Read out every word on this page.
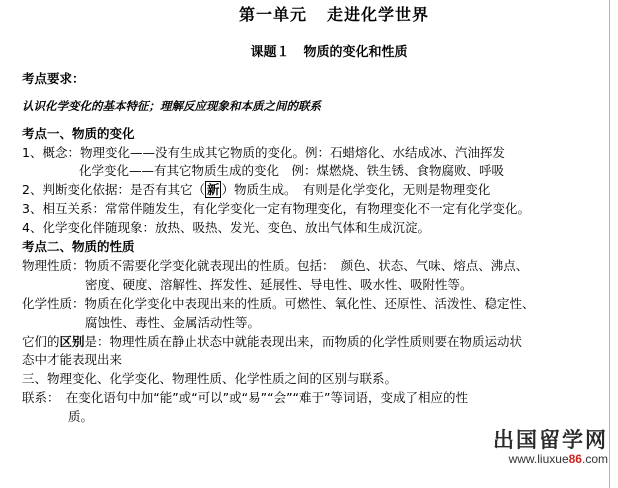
第一单元 走进化学世界
课题１ 物质的变化和性质
考点要求：
认识化学变化的基本特征；理解反应现象和本质之间的联系
考点一、物质的变化
1、概念：物理变化——没有生成其它物质的变化。例：石蜡熔化、水结成冰、汽油挥发
化学变化——有其它物质生成的变化　例：煤燃烧、铁生锈、食物腐败、呼吸
2、判断变化依据：是否有其它（ 新 ）物质生成。　有则是化学变化，无则是物理变化
3、相互关系：常常伴随发生，有化学变化一定有物理变化，有物理变化不一定有化学变化。
4、化学变化伴随现象：放热、吸热、发光、变色、放出气体和生成沉淀。
考点二、物质的性质
物理性质：物质不需要化学变化就表现出的性质。包括：　颜色、状态、气味、熔点、沸点、
密度、硬度、溶解性、挥发性、延展性、导电性、吸水性、吸附性等。
化学性质：物质在化学变化中表现出来的性质。可燃性、氧化性、还原性、活泼性、稳定性、
腐蚀性、毒性、金属活动性等。
它们的区别是：物理性质在静止状态中就能表现出来，而物质的化学性质则要在物质运动状
态中才能表现出来
三、物理变化、化学变化、物理性质、化学性质之间的区别与联系。
联系：　在变化语句中加“能”或“可以”或“易”“会”“难于”等词语，变成了相应的性
质。
出国留学网
www.liuxue86.com
